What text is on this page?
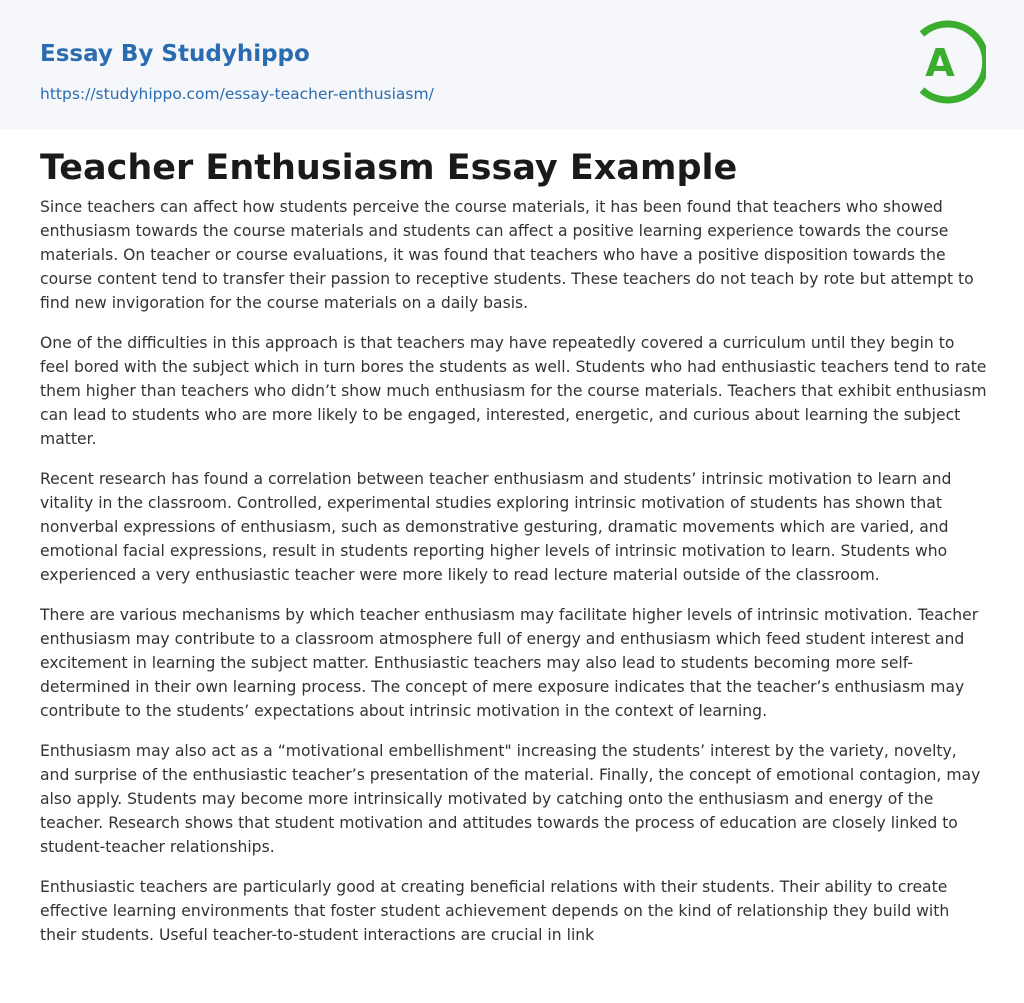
Essay By Studyhippo
https://studyhippo.com/essay-teacher-enthusiasm/
A
Teacher Enthusiasm Essay Example

Since teachers can affect how students perceive the course materials, it has been found that teachers who showed enthusiasm towards the course materials and students can affect a positive learning experience towards the course materials. On teacher or course evaluations, it was found that teachers who have a positive disposition towards the course content tend to transfer their passion to receptive students. These teachers do not teach by rote but attempt to find new invigoration for the course materials on a daily basis.

One of the difficulties in this approach is that teachers may have repeatedly covered a curriculum until they begin to feel bored with the subject which in turn bores the students as well. Students who had enthusiastic teachers tend to rate them higher than teachers who didn’t show much enthusiasm for the course materials. Teachers that exhibit enthusiasm can lead to students who are more likely to be engaged, interested, energetic, and curious about learning the subject matter.

Recent research has found a correlation between teacher enthusiasm and students’ intrinsic motivation to learn and vitality in the classroom. Controlled, experimental studies exploring intrinsic motivation of students has shown that nonverbal expressions of enthusiasm, such as demonstrative gesturing, dramatic movements which are varied, and emotional facial expressions, result in students reporting higher levels of intrinsic motivation to learn. Students who experienced a very enthusiastic teacher were more likely to read lecture material outside of the classroom.

There are various mechanisms by which teacher enthusiasm may facilitate higher levels of intrinsic motivation. Teacher enthusiasm may contribute to a classroom atmosphere full of energy and enthusiasm which feed student interest and excitement in learning the subject matter. Enthusiastic teachers may also lead to students becoming more self-determined in their own learning process. The concept of mere exposure indicates that the teacher’s enthusiasm may contribute to the students’ expectations about intrinsic motivation in the context of learning.

Enthusiasm may also act as a “motivational embellishment" increasing the students’ interest by the variety, novelty, and surprise of the enthusiastic teacher’s presentation of the material. Finally, the concept of emotional contagion, may also apply. Students may become more intrinsically motivated by catching onto the enthusiasm and energy of the teacher. Research shows that student motivation and attitudes towards the process of education are closely linked to student-teacher relationships.

Enthusiastic teachers are particularly good at creating beneficial relations with their students. Their ability to create effective learning environments that foster student achievement depends on the kind of relationship they build with their students. Useful teacher-to-student interactions are crucial in link
